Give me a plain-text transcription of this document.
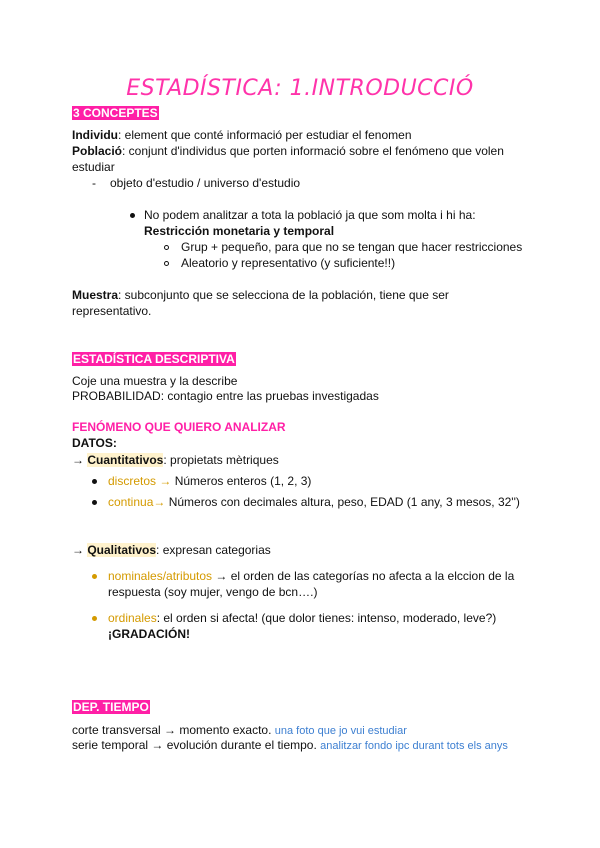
ESTADÍSTICA: 1.INTRODUCCIÓ
3 CONCEPTES
Individu: element que conté informació per estudiar el fenomen
Població: conjunt d'individus que porten informació sobre el fenómeno que volen
estudiar
- objeto d'estudio / universo d'estudio
No podem analitzar a tota la població ja que som molta i hi ha:
Restricción monetaria y temporal
Grup + pequeño, para que no se tengan que hacer restricciones
Aleatorio y representativo (y suficiente!!)
Muestra: subconjunto que se selecciona de la población, tiene que ser
representativo.
ESTADÍSTICA DESCRIPTIVA
Coje una muestra y la describe
PROBABILIDAD: contagio entre las pruebas investigadas
FENÓMENO QUE QUIERO ANALIZAR
DATOS:
→ Cuantitativos: propietats mètriques
discretos → Números enteros (1, 2, 3)
continua→ Números con decimales altura, peso, EDAD (1 any, 3 mesos, 32'')
→ Qualitativos: expresan categorias
nominales/atributos → el orden de las categorías no afecta a la elccion de la
respuesta (soy mujer, vengo de bcn….)
ordinales: el orden si afecta! (que dolor tienes: intenso, moderado, leve?)
¡GRADACIÓN!
DEP. TIEMPO
corte transversal → momento exacto. una foto que jo vui estudiar
serie temporal → evolución durante el tiempo. analitzar fondo ipc durant tots els anys
